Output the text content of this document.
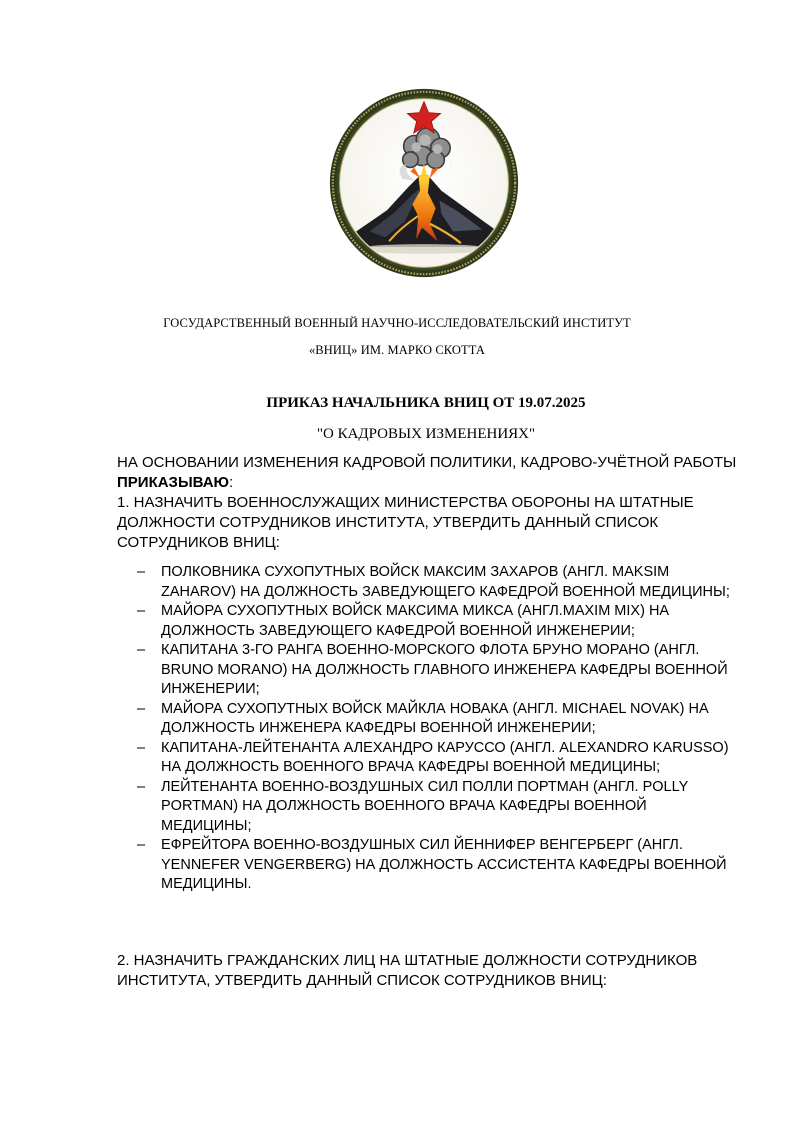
ГОСУДАРСТВЕННЫЙ ВОЕННЫЙ НАУЧНО-ИССЛЕДОВАТЕЛЬСКИЙ ИНСТИТУТ
«ВНИЦ» ИМ. МАРКО СКОТТА
ПРИКАЗ НАЧАЛЬНИКА ВНИЦ ОТ 19.07.2025
"О КАДРОВЫХ ИЗМЕНЕНИЯХ"
НА ОСНОВАНИИ ИЗМЕНЕНИЯ КАДРОВОЙ ПОЛИТИКИ, КАДРОВО-УЧЁТНОЙ РАБОТЫ ПРИКАЗЫВАЮ:
1. НАЗНАЧИТЬ ВОЕННОСЛУЖАЩИХ МИНИСТЕРСТВА ОБОРОНЫ НА ШТАТНЫЕ ДОЛЖНОСТИ СОТРУДНИКОВ ИНСТИТУТА, УТВЕРДИТЬ ДАННЫЙ СПИСОК СОТРУДНИКОВ ВНИЦ:
– ПОЛКОВНИКА СУХОПУТНЫХ ВОЙСК МАКСИМ ЗАХАРОВ (АНГЛ. MAKSIM ZAHAROV) НА ДОЛЖНОСТЬ ЗАВЕДУЮЩЕГО КАФЕДРОЙ ВОЕННОЙ МЕДИЦИНЫ;
– МАЙОРА СУХОПУТНЫХ ВОЙСК МАКСИМА МИКСА (АНГЛ.MAXIM MIX) НА ДОЛЖНОСТЬ ЗАВЕДУЮЩЕГО КАФЕДРОЙ ВОЕННОЙ ИНЖЕНЕРИИ;
– КАПИТАНА 3-ГО РАНГА ВОЕННО-МОРСКОГО ФЛОТА БРУНО МОРАНО (АНГЛ. BRUNO MORANO) НА ДОЛЖНОСТЬ ГЛАВНОГО ИНЖЕНЕРА КАФЕДРЫ ВОЕННОЙ ИНЖЕНЕРИИ;
– МАЙОРА СУХОПУТНЫХ ВОЙСК МАЙКЛА НОВАКА (АНГЛ. MICHAEL NOVAK) НА ДОЛЖНОСТЬ ИНЖЕНЕРА КАФЕДРЫ ВОЕННОЙ ИНЖЕНЕРИИ;
– КАПИТАНА-ЛЕЙТЕНАНТА АЛЕХАНДРО КАРУССО (АНГЛ. ALEXANDRO KARUSSO) НА ДОЛЖНОСТЬ ВОЕННОГО ВРАЧА КАФЕДРЫ ВОЕННОЙ МЕДИЦИНЫ;
– ЛЕЙТЕНАНТА ВОЕННО-ВОЗДУШНЫХ СИЛ ПОЛЛИ ПОРТМАН (АНГЛ. POLLY PORTMAN) НА ДОЛЖНОСТЬ ВОЕННОГО ВРАЧА КАФЕДРЫ ВОЕННОЙ МЕДИЦИНЫ;
– ЕФРЕЙТОРА ВОЕННО-ВОЗДУШНЫХ СИЛ ЙЕННИФЕР ВЕНГЕРБЕРГ (АНГЛ. YENNEFER VENGERBERG) НА ДОЛЖНОСТЬ АССИСТЕНТА КАФЕДРЫ ВОЕННОЙ МЕДИЦИНЫ.
2. НАЗНАЧИТЬ ГРАЖДАНСКИХ ЛИЦ НА ШТАТНЫЕ ДОЛЖНОСТИ СОТРУДНИКОВ ИНСТИТУТА, УТВЕРДИТЬ ДАННЫЙ СПИСОК СОТРУДНИКОВ ВНИЦ:
